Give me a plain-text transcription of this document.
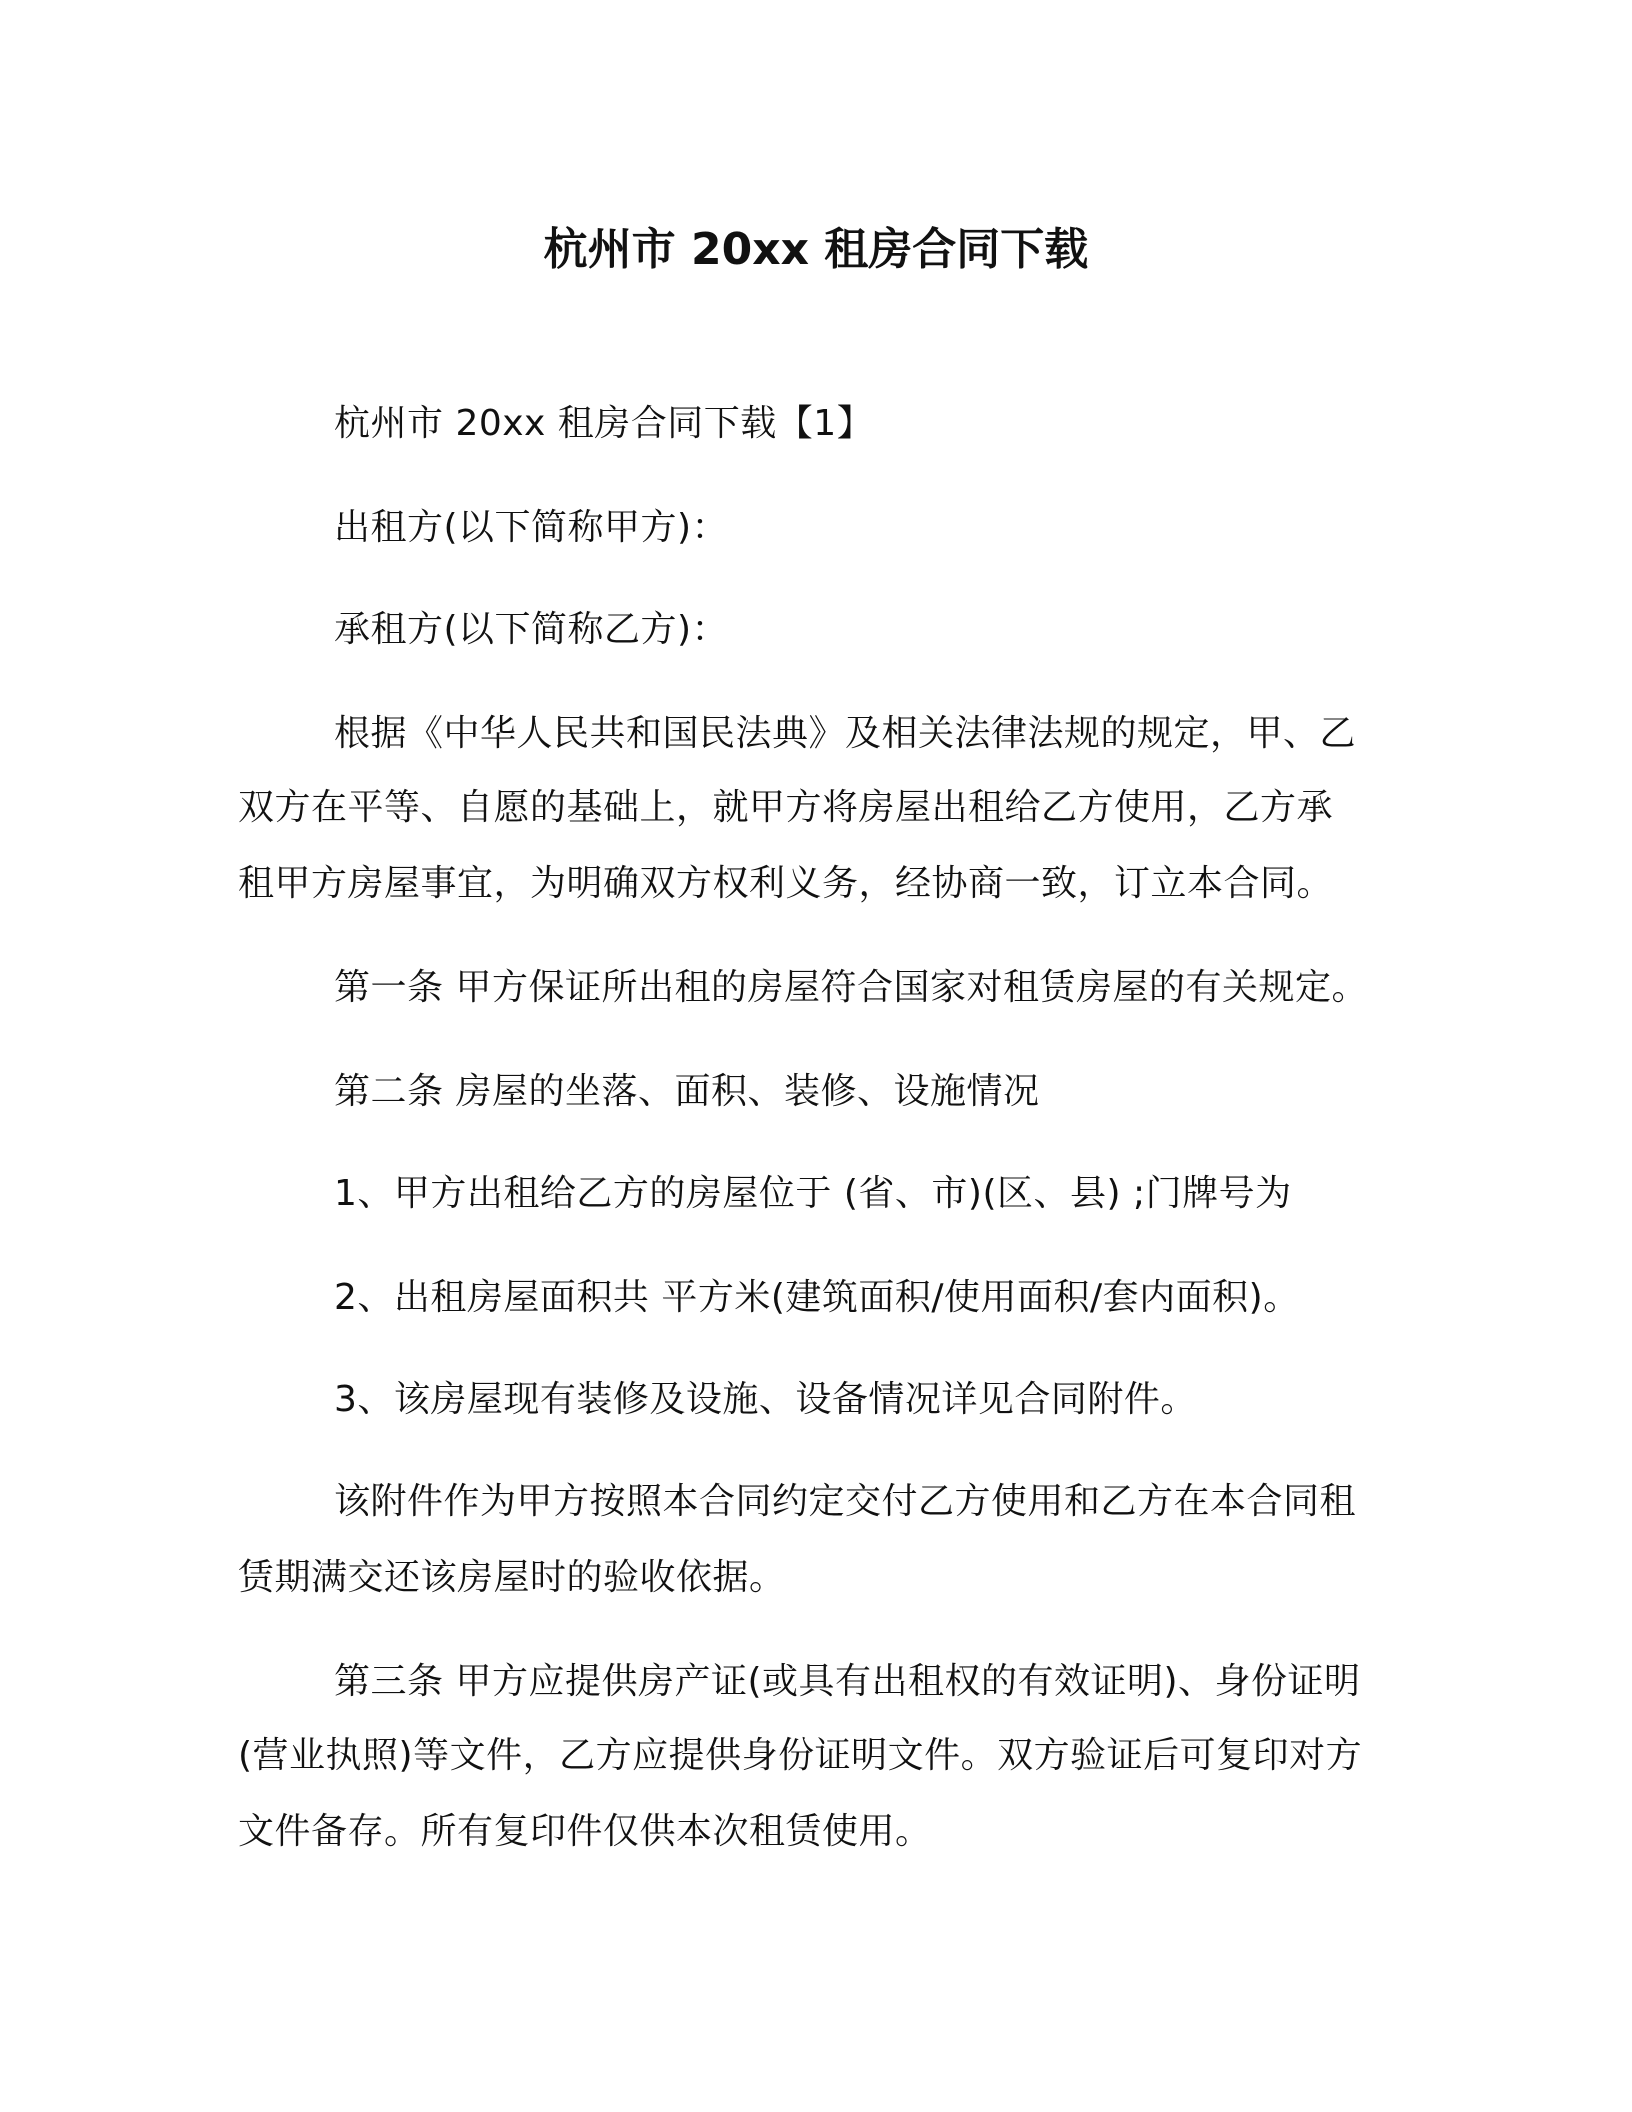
杭州市 20xx 租房合同下载
杭州市 20xx 租房合同下载【1】
出租方(以下简称甲方)：
承租方(以下简称乙方)：
根据《中华人民共和国民法典》及相关法律法规的规定，甲、乙
双方在平等、自愿的基础上，就甲方将房屋出租给乙方使用，乙方承
租甲方房屋事宜，为明确双方权利义务，经协商一致，订立本合同。
第一条 甲方保证所出租的房屋符合国家对租赁房屋的有关规定。
第二条 房屋的坐落、面积、装修、设施情况
1、甲方出租给乙方的房屋位于 (省、市)(区、县) ;门牌号为
2、出租房屋面积共 平方米(建筑面积/使用面积/套内面积)。
3、该房屋现有装修及设施、设备情况详见合同附件。
该附件作为甲方按照本合同约定交付乙方使用和乙方在本合同租
赁期满交还该房屋时的验收依据。
第三条 甲方应提供房产证(或具有出租权的有效证明)、身份证明
(营业执照)等文件，乙方应提供身份证明文件。双方验证后可复印对方
文件备存。所有复印件仅供本次租赁使用。
